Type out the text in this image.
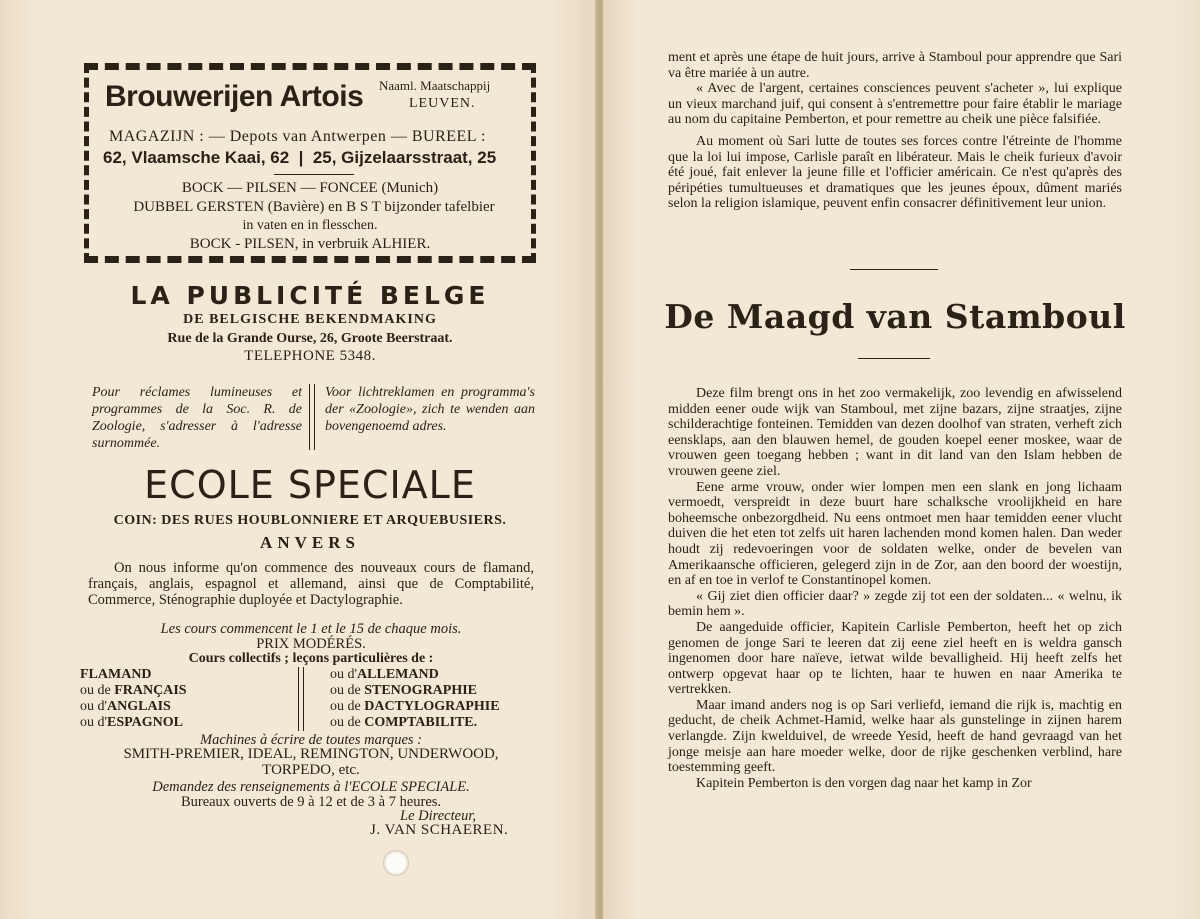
Brouwerijen Artois Naaml. Maatschappij
LEUVEN.
MAGAZIJN : — Depots van Antwerpen — BUREEL :
62, Vlaamsche Kaai, 62  |  25, Gijzelaarsstraat, 25
BOCK — PILSEN — FONCEE (Munich)
DUBBEL GERSTEN (Bavière) en B S T bijzonder tafelbier
in vaten en in flesschen.
BOCK - PILSEN, in verbruik ALHIER.
LA PUBLICITÉ BELGE
DE BELGISCHE BEKENDMAKING
Rue de la Grande Ourse, 26, Groote Beerstraat.
TELEPHONE 5348.
Pour réclames lumineuses et programmes de la Soc. R. de Zoologie, s'adresser à l'adresse surnommée.
Voor lichtreklamen en programma's der «Zoologie», zich te wenden aan bovengenoemd adres.
ECOLE SPECIALE
COIN: DES RUES HOUBLONNIERE ET ARQUEBUSIERS.
ANVERS
On nous informe qu'on commence des nouveaux cours de flamand, français, anglais, espagnol et allemand, ainsi que de Comptabilité, Commerce, Sténographie duployée et Dactylographie.
Les cours commencent le 1 et le 15 de chaque mois.
PRIX MODÉRÉS.
Cours collectifs ; leçons particulières de :
FLAMAND
ou de FRANÇAIS
ou d'ANGLAIS
ou d'ESPAGNOL
ou d'ALLEMAND
ou de STENOGRAPHIE
ou de DACTYLOGRAPHIE
ou de COMPTABILITE.
Machines à écrire de toutes marques :
SMITH-PREMIER, IDEAL, REMINGTON, UNDERWOOD,
TORPEDO, etc.
Demandez des renseignements à l'ECOLE SPECIALE.
Bureaux ouverts de 9 à 12 et de 3 à 7 heures.
Le Directeur,
J. VAN SCHAEREN.

ment et après une étape de huit jours, arrive à Stamboul pour apprendre que Sari va être mariée à un autre.

« Avec de l'argent, certaines consciences peuvent s'acheter », lui explique un vieux marchand juif, qui consent à s'entremettre pour faire établir le mariage au nom du capitaine Pemberton, et pour remettre au cheik une pièce falsifiée.

Au moment où Sari lutte de toutes ses forces contre l'étreinte de l'homme que la loi lui impose, Carlisle paraît en libérateur. Mais le cheik furieux d'avoir été joué, fait enlever la jeune fille et l'officier américain. Ce n'est qu'après des péripéties tumultueuses et dramatiques que les jeunes époux, dûment mariés selon la religion islamique, peuvent enfin consacrer définitivement leur union.

De Maagd van Stamboul

Deze film brengt ons in het zoo vermakelijk, zoo levendig en afwisselend midden eener oude wijk van Stamboul, met zijne bazars, zijne straatjes, zijne schilderachtige fonteinen. Temidden van dezen doolhof van straten, verheft zich eensklaps, aan den blauwen hemel, de gouden koepel eener moskee, waar de vrouwen geen toegang hebben ; want in dit land van den Islam hebben de vrouwen geene ziel.

Eene arme vrouw, onder wier lompen men een slank en jong lichaam vermoedt, verspreidt in deze buurt hare schalksche vroolijkheid en hare boheemsche onbezorgdheid. Nu eens ontmoet men haar temidden eener vlucht duiven die het eten tot zelfs uit haren lachenden mond komen halen. Dan weder houdt zij redevoeringen voor de soldaten welke, onder de bevelen van Amerikaansche officieren, gelegerd zijn in de Zor, aan den boord der woestijn, en af en toe in verlof te Constantinopel komen.

« Gij ziet dien officier daar? » zegde zij tot een der soldaten... « welnu, ik bemin hem ».

De aangeduide officier, Kapitein Carlisle Pemberton, heeft het op zich genomen de jonge Sari te leeren dat zij eene ziel heeft en is weldra gansch ingenomen door hare naïeve, ietwat wilde bevalligheid. Hij heeft zelfs het ontwerp opgevat haar op te lichten, haar te huwen en naar Amerika te vertrekken.

Maar imand anders nog is op Sari verliefd, iemand die rijk is, machtig en geducht, de cheik Achmet-Hamid, welke haar als gunstelinge in zijnen harem verlangde. Zijn kwelduivel, de wreede Yesid, heeft de hand gevraagd van het jonge meisje aan hare moeder welke, door de rijke geschenken verblind, hare toestemming geeft.

Kapitein Pemberton is den vorgen dag naar het kamp in Zor
